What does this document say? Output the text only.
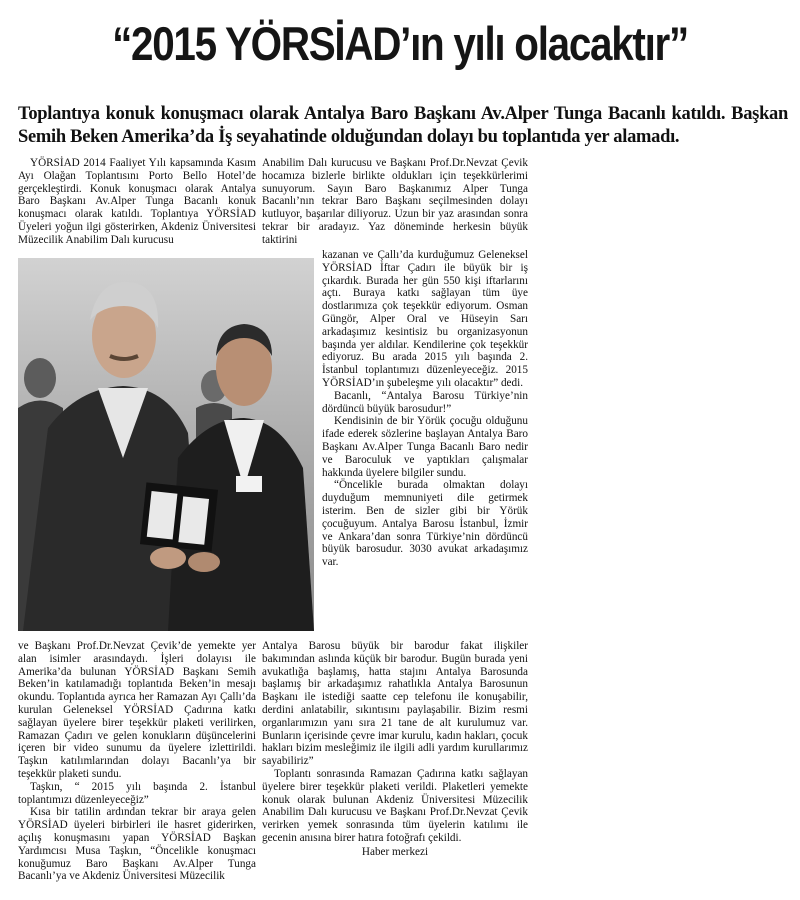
“2015 YÖRSİAD’ın yılı olacaktır”
Toplantıya konuk konuşmacı olarak Antalya Baro Başkanı Av.Alper Tunga Bacanlı katıldı. Başkan Semih Beken Amerika’da İş seyahatinde olduğundan dolayı bu toplantıda yer alamadı.

YÖRSİAD 2014 Faaliyet Yılı kapsamında Kasım Ayı Olağan Toplantısını Porto Bello Hotel’de gerçekleştirdi. Konuk konuşmacı olarak Antalya Baro Başkanı Av.Alper Tunga Bacanlı konuk konuşmacı olarak katıldı. Toplantıya YÖRSİAD Üyeleri yoğun ilgi gösterirken, Akdeniz Üniversitesi Müzecilik Anabilim Dalı kurucusu

Anabilim Dalı kurucusu ve Başkanı Prof.Dr.Nevzat Çevik hocamıza bizlerle birlikte oldukları için teşekkürlerimi sunuyorum. Sayın Baro Başkanımız Alper Tunga Bacanlı’nın tekrar Baro Başkanı seçilmesinden dolayı kutluyor, başarılar diliyoruz. Uzun bir yaz arasından sonra tekrar bir aradayız. Yaz döneminde herkesin büyük taktirini

kazanan ve Çallı’da kurduğumuz Geleneksel YÖRSİAD İftar Çadırı ile büyük bir iş çıkardık. Burada her gün 550 kişi iftarlarını açtı. Buraya katkı sağlayan tüm üye dostlarımıza çok teşekkür ediyorum. Osman Güngör, Alper Oral ve Hüseyin Sarı arkadaşımız kesintisiz bu organizasyonun başında yer aldılar. Kendilerine çok teşekkür ediyoruz. Bu arada 2015 yılı başında 2. İstanbul toplantımızı düzenleyeceğiz. 2015 YÖRSİAD’ın şubeleşme yılı olacaktır” dedi.

Bacanlı, “Antalya Barosu Türkiye’nin dördüncü büyük barosudur!”

Kendisinin de bir Yörük çocuğu olduğunu ifade ederek sözlerine başlayan Antalya Baro Başkanı Av.Alper Tunga Bacanlı Baro nedir ve Baroculuk ve yaptıkları çalışmalar hakkında üyelere bilgiler sundu.

“Öncelikle burada olmaktan dolayı duyduğum memnuniyeti dile getirmek isterim. Ben de sizler gibi bir Yörük çocuğuyum. Antalya Barosu İstanbul, İzmir ve Ankara’dan sonra Türkiye’nin dördüncü büyük barosudur. 3030 avukat arkadaşımız var.

ve Başkanı Prof.Dr.Nevzat Çevik’de yemekte yer alan isimler arasındaydı. İşleri dolayısı ile Amerika’da bulunan YÖRSİAD Başkanı Semih Beken’in katılamadığı toplantıda Beken’in mesajı okundu. Toplantıda ayrıca her Ramazan Ayı Çallı’da kurulan Geleneksel YÖRSİAD Çadırına katkı sağlayan üyelere birer teşekkür plaketi verilirken, Ramazan Çadırı ve gelen konukların düşüncelerini içeren bir video sunumu da üyelere izlettirildi. Taşkın katılımlarından dolayı Bacanlı’ya bir teşekkür plaketi sundu.

Taşkın, “ 2015 yılı başında 2. İstanbul toplantımızı düzenleyeceğiz”

Kısa bir tatilin ardından tekrar bir araya gelen YÖRSİAD üyeleri birbirleri ile hasret giderirken, açılış konuşmasını yapan YÖRSİAD Başkan Yardımcısı Musa Taşkın, “Öncelikle konuşmacı konuğumuz Baro Başkanı Av.Alper Tunga Bacanlı’ya ve Akdeniz Üniversitesi Müzecilik

Antalya Barosu büyük bir barodur fakat ilişkiler bakımından aslında küçük bir barodur. Bugün burada yeni avukatlığa başlamış, hatta stajını Antalya Barosunda başlamış bir arkadaşımız rahatlıkla Antalya Barosunun Başkanı ile istediği saatte cep telefonu ile konuşabilir, derdini anlatabilir, sıkıntısını paylaşabilir. Bizim resmi organlarımızın yanı sıra 21 tane de alt kurulumuz var. Bunların içerisinde çevre imar kurulu, kadın hakları, çocuk hakları bizim mesleğimiz ile ilgili adli yardım kurullarımız sayabiliriz”

Toplantı sonrasında Ramazan Çadırına katkı sağlayan üyelere birer teşekkür plaketi verildi. Plaketleri yemekte konuk olarak bulunan Akdeniz Üniversitesi Müzecilik Anabilim Dalı kurucusu ve Başkanı Prof.Dr.Nevzat Çevik verirken yemek sonrasında tüm üyelerin katılımı ile gecenin anısına birer hatıra fotoğrafı çekildi.

Haber merkezi
